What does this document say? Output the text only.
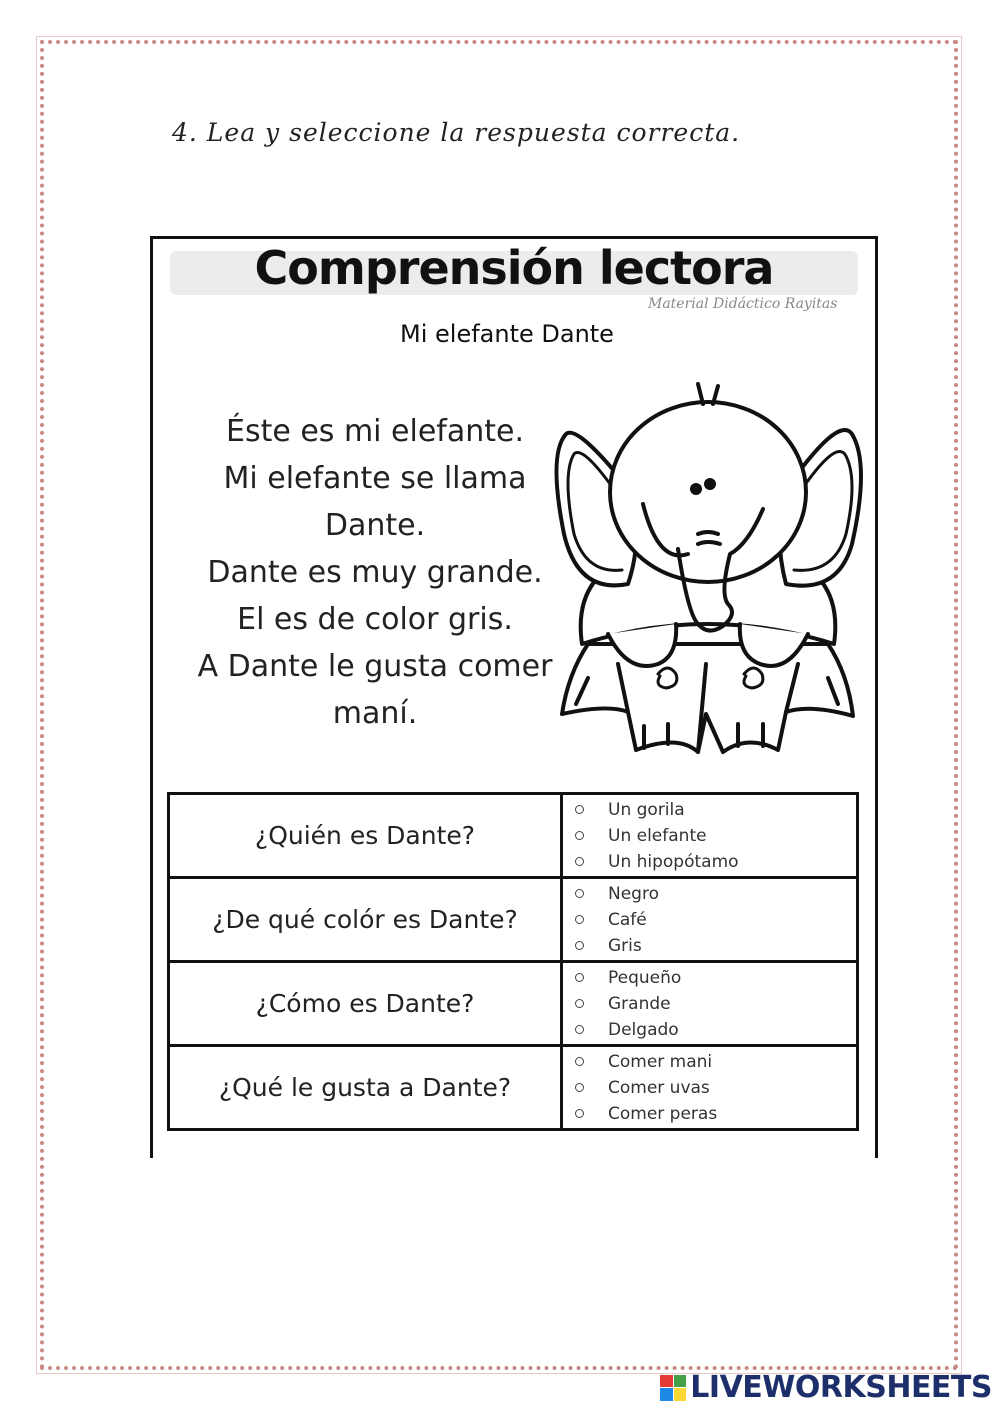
4. Lea y seleccione la respuesta correcta.
Comprensión lectora
Material Didáctico Rayitas
Mi elefante Dante
Éste es mi elefante.
Mi elefante se llama
Dante.
Dante es muy grande.
El es de color gris.
A Dante le gusta comer
maní.
¿Quién es Dante?	Un gorila
Un elefante
Un hipopótamo

¿De qué colór es Dante?	Negro
Café
Gris

¿Cómo es Dante?	Pequeño
Grande
Delgado

¿Qué le gusta a Dante?	Comer mani
Comer uvas
Comer peras
LIVEWORKSHEETS
